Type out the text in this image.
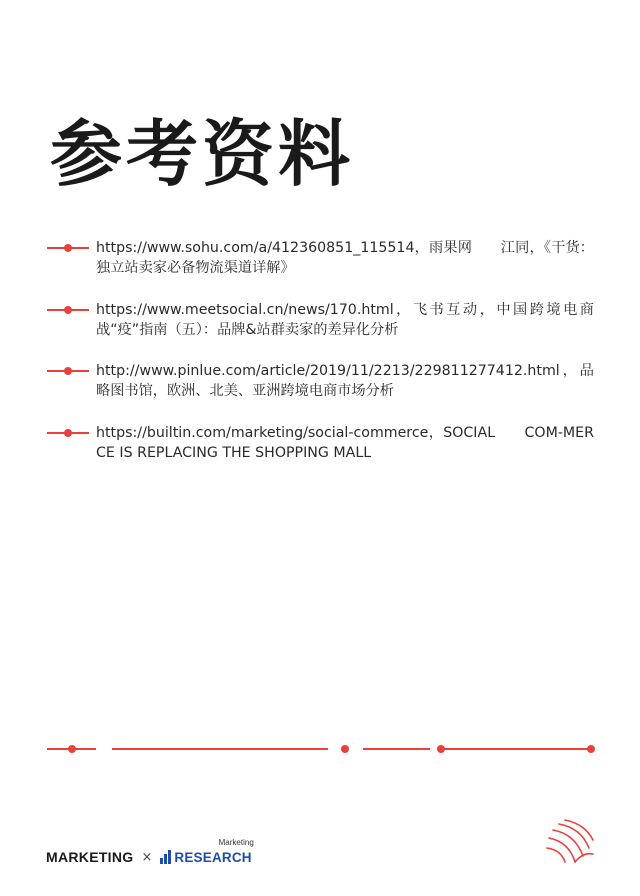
参考资料
https://www.sohu.com/a/412360851_115514，雨果网　　江同，《干货：独立站卖家必备物流渠道详解》
https://www.meetsocial.cn/news/170.html，飞书互动，中国跨境电商战“疫”指南（五）：品牌&站群卖家的差异化分析
http://www.pinlue.com/article/2019/11/2213/229811277412.html，品略图书馆，欧洲、北美、亚洲跨境电商市场分析
https://builtin.com/marketing/social-commerce，SOCIAL　　COM-MERCE IS REPLACING THE SHOPPING MALL
MARKETING × RESEARCH
Marketing
